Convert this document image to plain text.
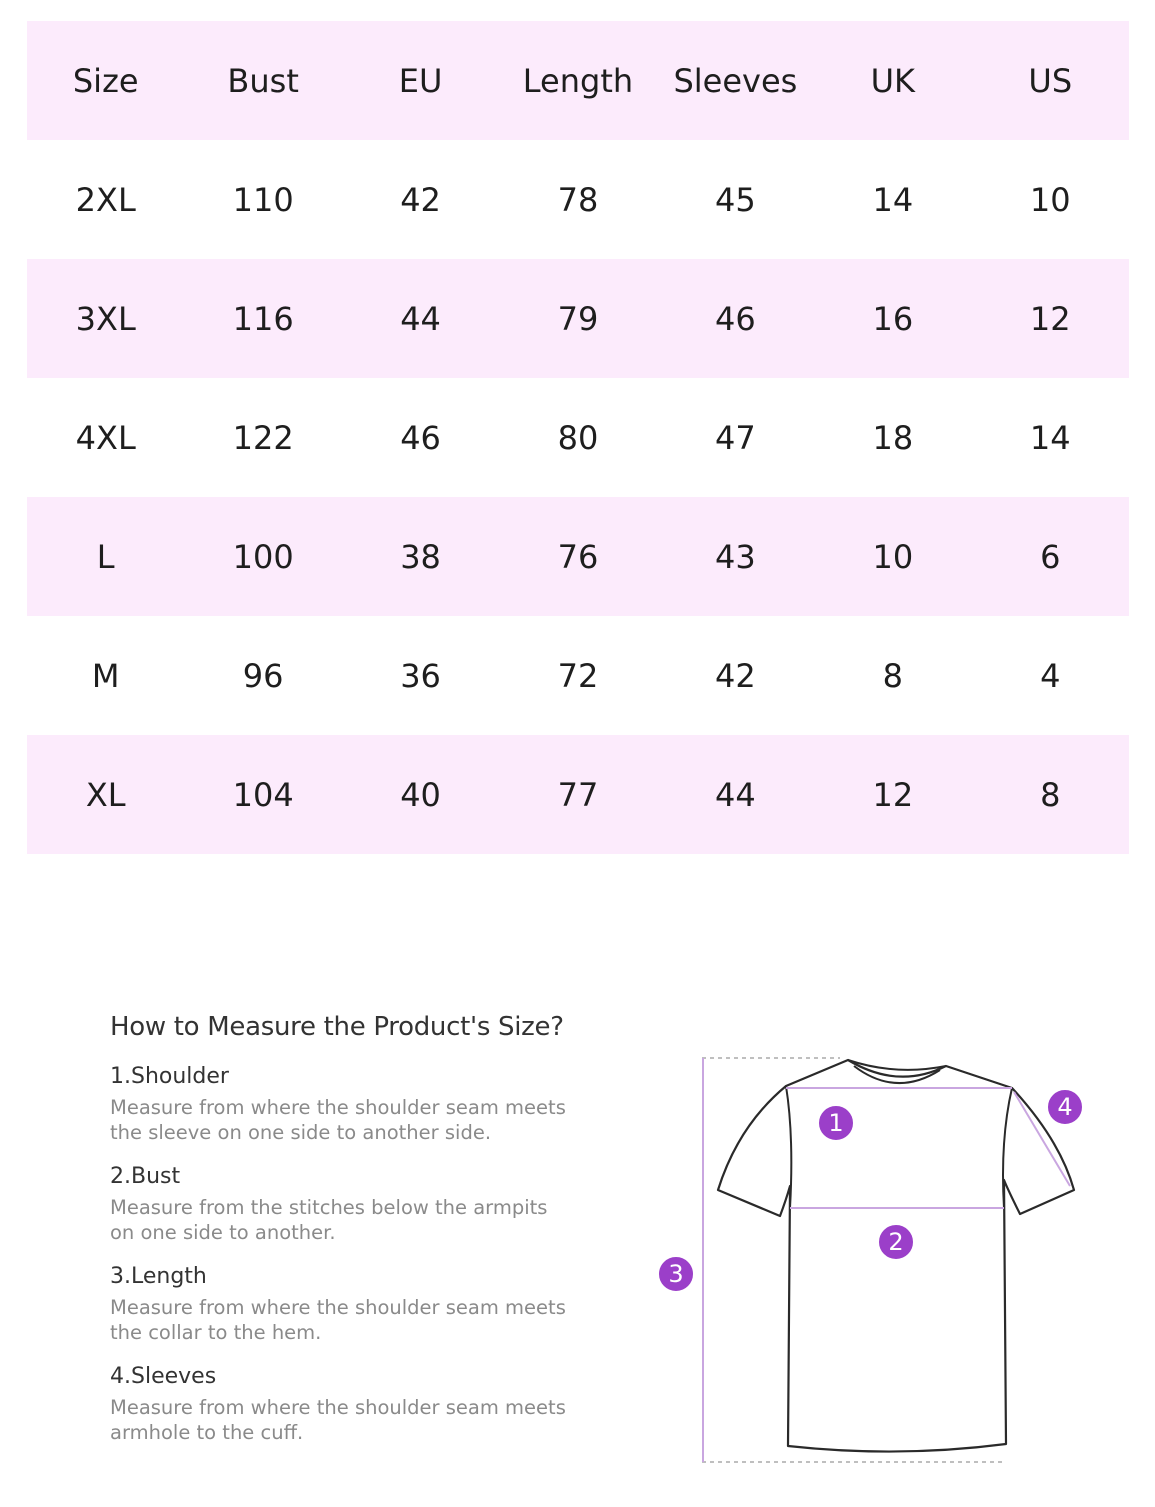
Size	Bust	EU	Length	Sleeves	UK	US
2XL	110	42	78	45	14	10
3XL	116	44	79	46	16	12
4XL	122	46	80	47	18	14
L	100	38	76	43	10	6
M	96	36	72	42	8	4
XL	104	40	77	44	12	8
How to Measure the Product's Size?
1.Shoulder
Measure from where the shoulder seam meets
the sleeve on one side to another side.
2.Bust
Measure from the stitches below the armpits
on one side to another.
3.Length
Measure from where the shoulder seam meets
the collar to the hem.
4.Sleeves
Measure from where the shoulder seam meets
armhole to the cuff.
1
2
3
4
